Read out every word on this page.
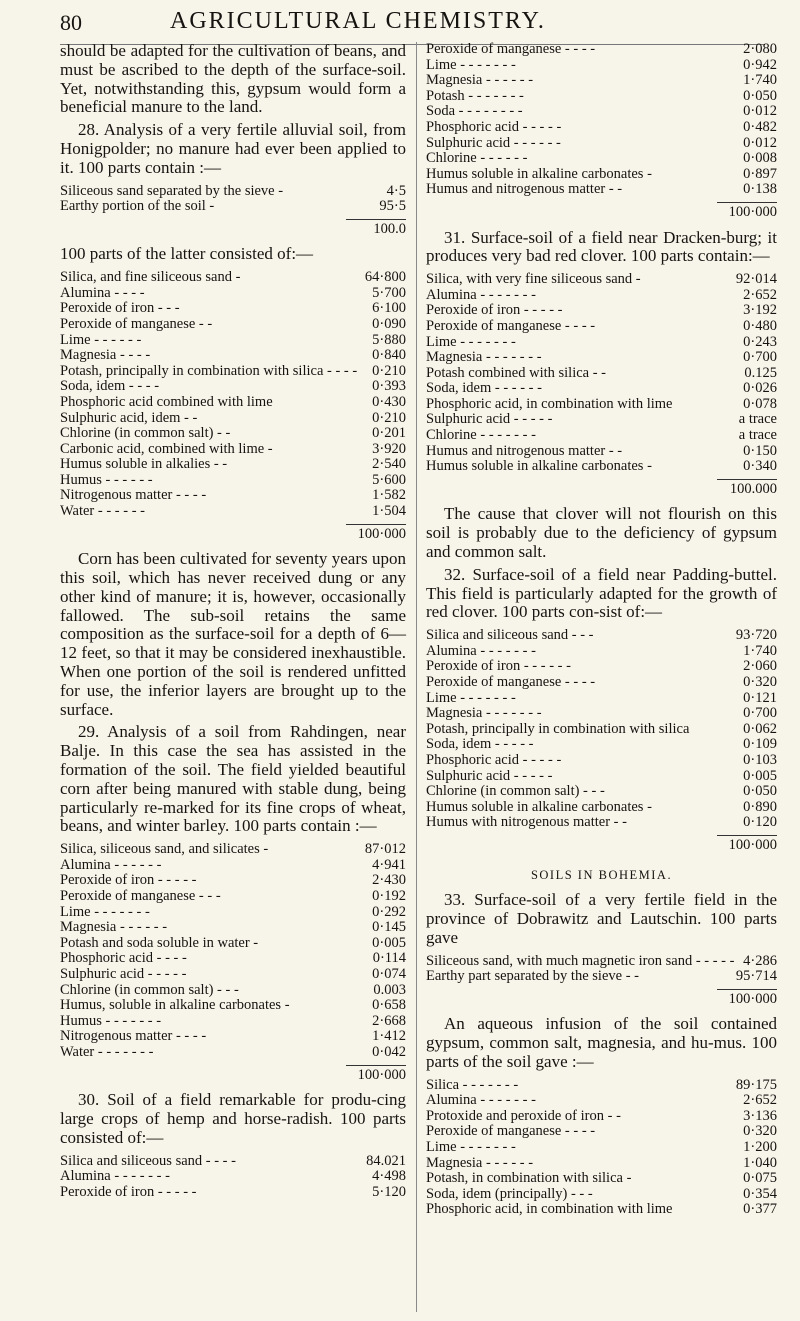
80	AGRICULTURAL CHEMISTRY.

should be adapted for the cultivation of beans, and must be ascribed to the depth of the surface-soil. Yet, notwithstanding this, gypsum would form a beneficial manure to the land.

28. Analysis of a very fertile alluvial soil, from Honigpolder; no manure had ever been applied to it. 100 parts contain :—

Siliceous sand separated by the sieve -	4·5
Earthy portion of the soil -	95·5
100.0

100 parts of the latter consisted of:—

Silica, and fine siliceous sand -	64·800
Alumina - - - -	5·700
Peroxide of iron - - -	6·100
Peroxide of manganese - -	0·090
Lime - - - - - -	5·880
Magnesia - - - -	0·840
Potash, principally in combination with silica - - - -	0·210
Soda, idem - - - -	0·393
Phosphoric acid combined with lime	0·430
Sulphuric acid, idem - -	0·210
Chlorine (in common salt) - -	0·201
Carbonic acid, combined with lime -	3·920
Humus soluble in alkalies - -	2·540
Humus - - - - - -	5·600
Nitrogenous matter - - - -	1·582
Water - - - - - -	1·504
100·000

Corn has been cultivated for seventy years upon this soil, which has never received dung or any other kind of manure; it is, however, occasionally fallowed. The sub-soil retains the same composition as the surface-soil for a depth of 6—12 feet, so that it may be considered inexhaustible. When one portion of the soil is rendered unfitted for use, the inferior layers are brought up to the surface.

29. Analysis of a soil from Rahdingen, near Balje. In this case the sea has assisted in the formation of the soil. The field yielded beautiful corn after being manured with stable dung, being particularly re-marked for its fine crops of wheat, beans, and winter barley. 100 parts contain :—

Silica, siliceous sand, and silicates -	87·012
Alumina - - - - - -	4·941
Peroxide of iron - - - - -	2·430
Peroxide of manganese - - -	0·192
Lime - - - - - - -	0·292
Magnesia - - - - - -	0·145
Potash and soda soluble in water -	0·005
Phosphoric acid - - - -	0·114
Sulphuric acid - - - - -	0·074
Chlorine (in common salt) - - -	0.003
Humus, soluble in alkaline carbonates -	0·658
Humus - - - - - - -	2·668
Nitrogenous matter - - - -	1·412
Water - - - - - - -	0·042
100·000

30. Soil of a field remarkable for produ-cing large crops of hemp and horse-radish. 100 parts consisted of:—

Silica and siliceous sand - - - -	84.021
Alumina - - - - - - -	4·498
Peroxide of iron - - - - -	5·120
Peroxide of manganese - - - -	2·080
Lime - - - - - - -	0·942
Magnesia - - - - - -	1·740
Potash - - - - - - -	0·050
Soda - - - - - - - -	0·012
Phosphoric acid - - - - -	0·482
Sulphuric acid - - - - - -	0·012
Chlorine - - - - - -	0·008
Humus soluble in alkaline carbonates -	0·897
Humus and nitrogenous matter - -	0·138
100·000

31. Surface-soil of a field near Dracken-burg; it produces very bad red clover. 100 parts contain:—

Silica, with very fine siliceous sand -	92·014
Alumina - - - - - - -	2·652
Peroxide of iron - - - - -	3·192
Peroxide of manganese - - - -	0·480
Lime - - - - - - -	0·243
Magnesia - - - - - - -	0·700
Potash combined with silica - -	0.125
Soda, idem - - - - - -	0·026
Phosphoric acid, in combination with lime	0·078
Sulphuric acid - - - - -	a trace
Chlorine - - - - - - -	a trace
Humus and nitrogenous matter - -	0·150
Humus soluble in alkaline carbonates -	0·340
100.000

The cause that clover will not flourish on this soil is probably due to the deficiency of gypsum and common salt.

32. Surface-soil of a field near Padding-buttel. This field is particularly adapted for the growth of red clover. 100 parts con-sist of:—

Silica and siliceous sand - - -	93·720
Alumina - - - - - - -	1·740
Peroxide of iron - - - - - -	2·060
Peroxide of manganese - - - -	0·320
Lime - - - - - - -	0·121
Magnesia - - - - - - -	0·700
Potash, principally in combination with silica	0·062
Soda, idem - - - - -	0·109
Phosphoric acid - - - - -	0·103
Sulphuric acid - - - - -	0·005
Chlorine (in common salt) - - -	0·050
Humus soluble in alkaline carbonates -	0·890
Humus with nitrogenous matter - -	0·120
100·000
SOILS IN BOHEMIA.

33. Surface-soil of a very fertile field in the province of Dobrawitz and Lautschin. 100 parts gave

Siliceous sand, with much magnetic iron sand - - - - - 4·286
Earthy part separated by the sieve - -	95·714
100·000

An aqueous infusion of the soil contained gypsum, common salt, magnesia, and hu-mus. 100 parts of the soil gave :—

Silica - - - - - - -	89·175
Alumina - - - - - - -	2·652
Protoxide and peroxide of iron - -	3·136
Peroxide of manganese - - - -	0·320
Lime - - - - - - -	1·200
Magnesia - - - - - -	1·040
Potash, in combination with silica -	0·075
Soda, idem (principally) - - -	0·354
Phosphoric acid, in combination with lime	0·377
